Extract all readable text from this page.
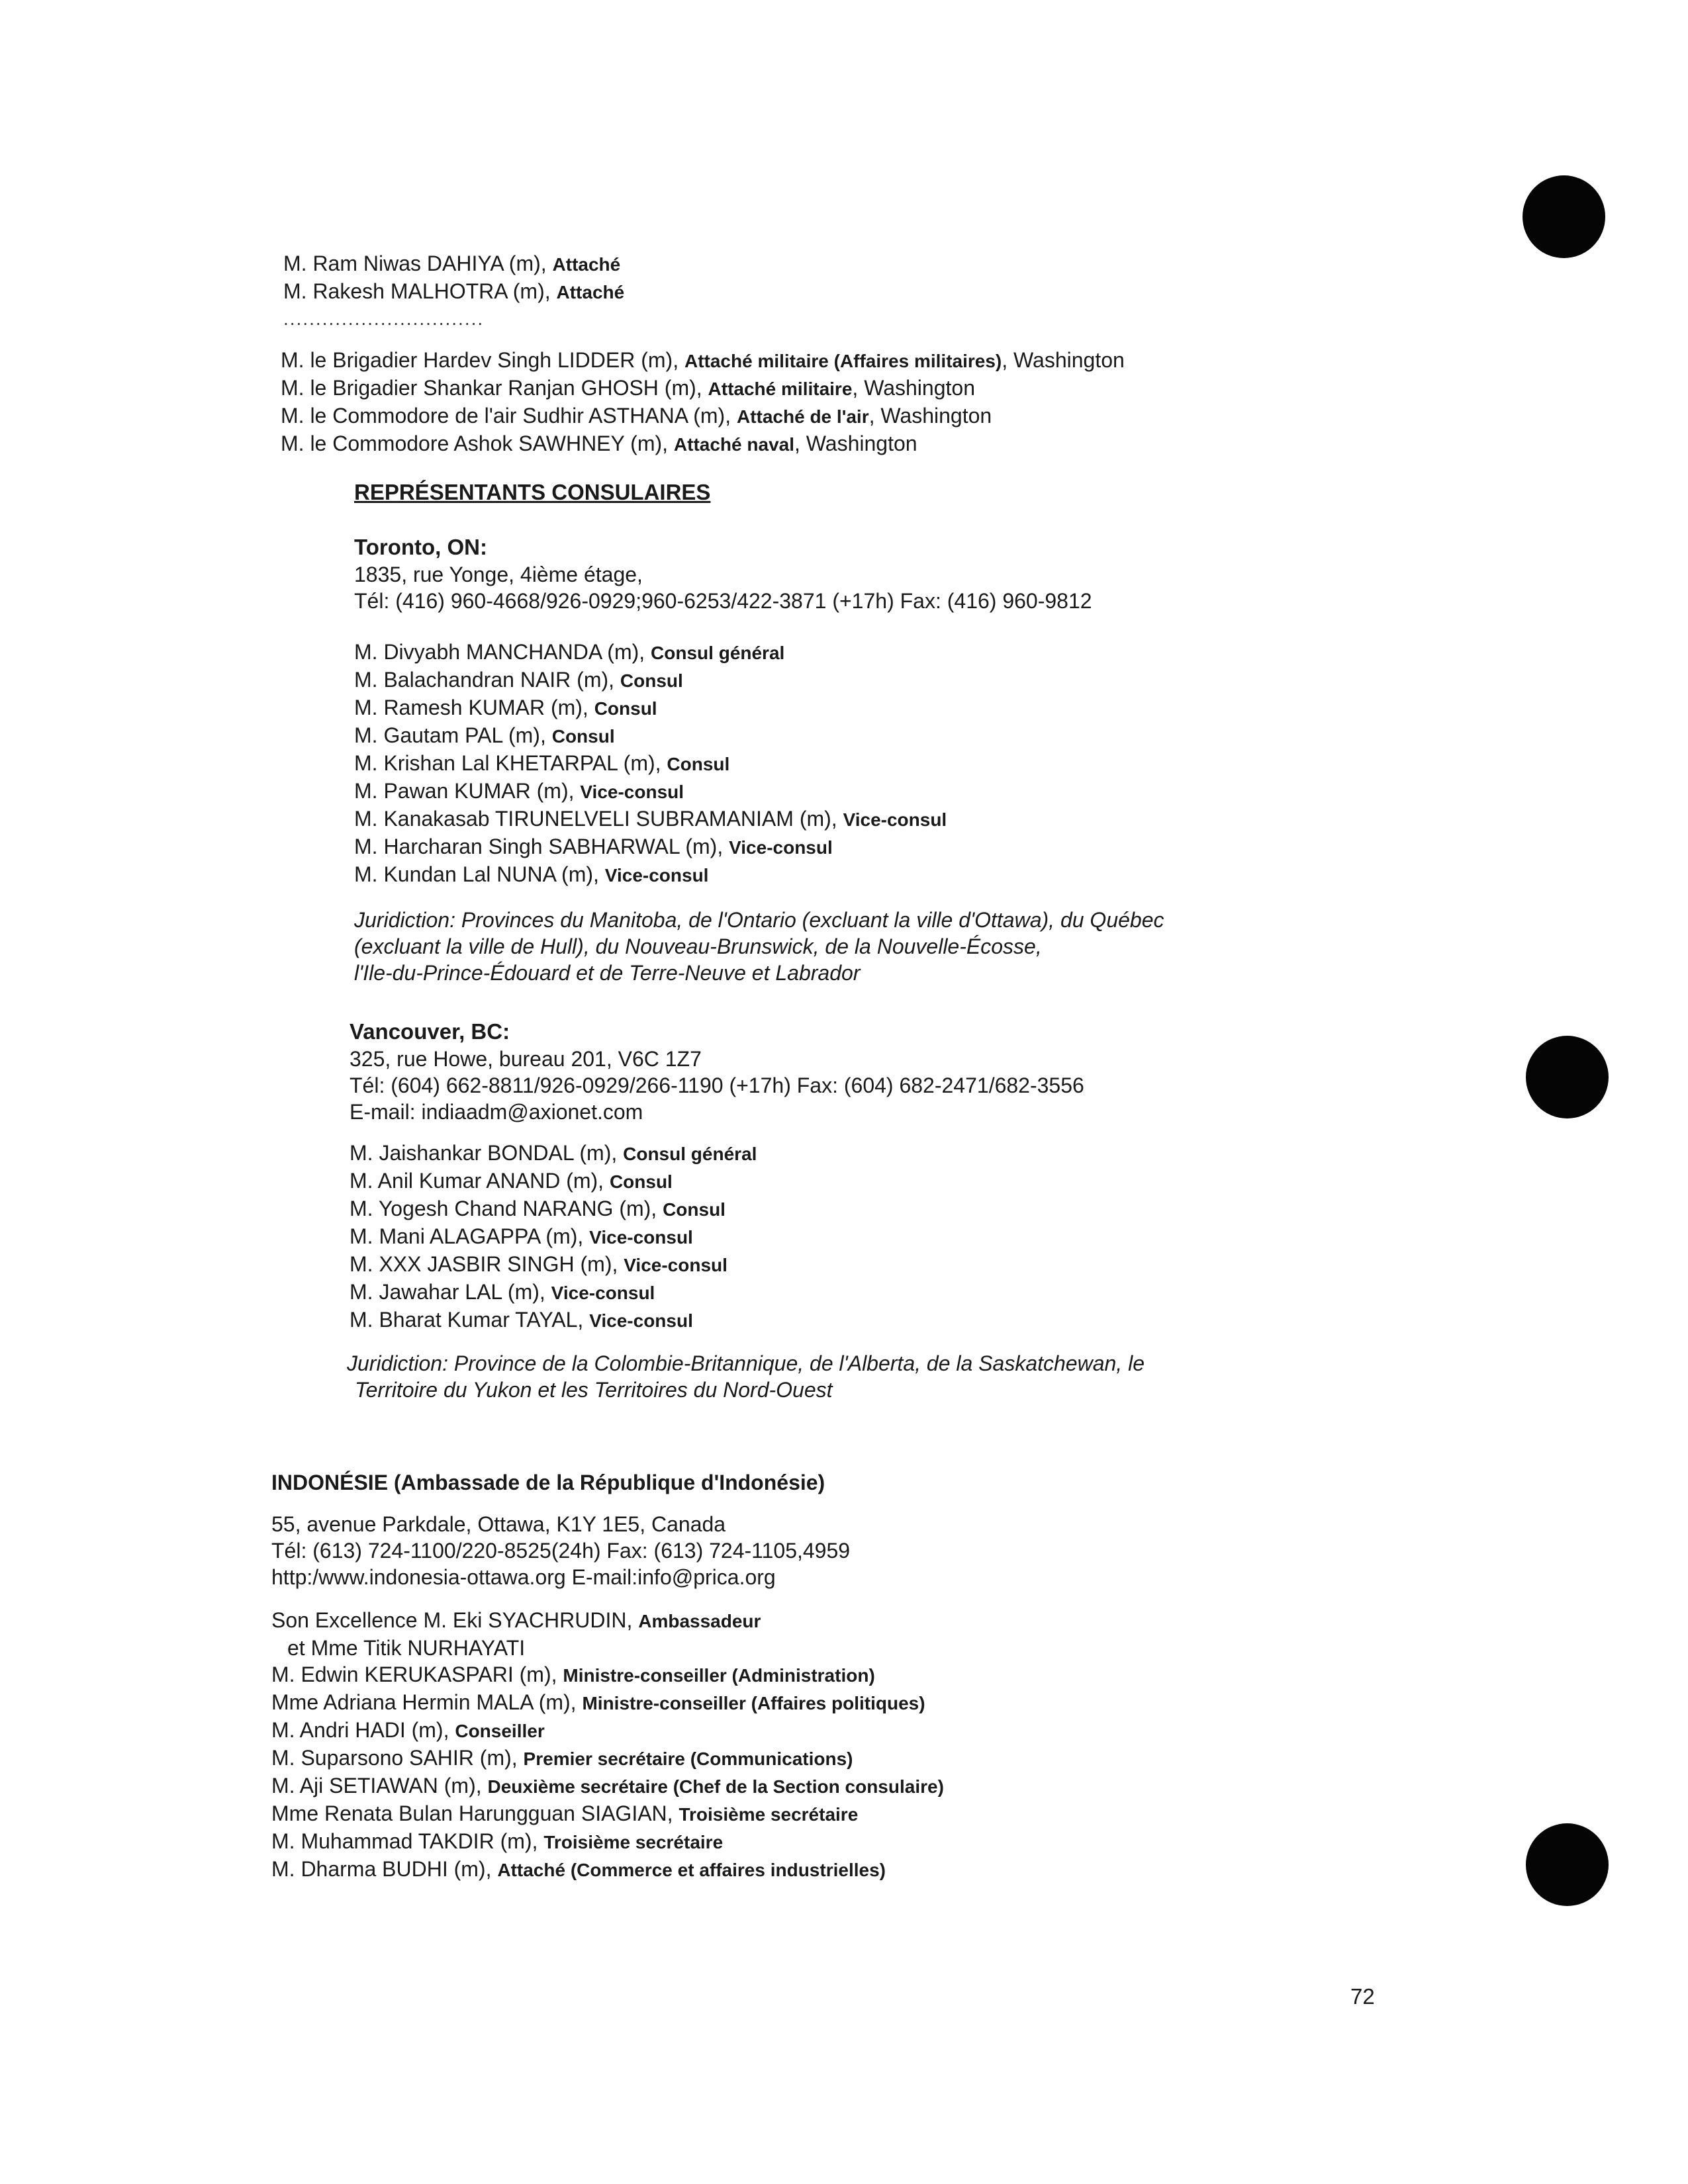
M. Ram Niwas DAHIYA (m), Attaché
M. Rakesh MALHOTRA (m), Attaché
...............................
M. le Brigadier Hardev Singh LIDDER (m), Attaché militaire (Affaires militaires), Washington
M. le Brigadier Shankar Ranjan GHOSH (m), Attaché militaire, Washington
M. le Commodore de l'air Sudhir ASTHANA (m), Attaché de l'air, Washington
M. le Commodore Ashok SAWHNEY (m), Attaché naval, Washington
REPRÉSENTANTS CONSULAIRES
Toronto, ON:
1835, rue Yonge, 4ième étage,
Tél: (416) 960-4668/926-0929;960-6253/422-3871 (+17h) Fax: (416) 960-9812
M. Divyabh MANCHANDA (m), Consul général
M. Balachandran NAIR (m), Consul
M. Ramesh KUMAR (m), Consul
M. Gautam PAL (m), Consul
M. Krishan Lal KHETARPAL (m), Consul
M. Pawan KUMAR (m), Vice-consul
M. Kanakasab TIRUNELVELI SUBRAMANIAM (m), Vice-consul
M. Harcharan Singh SABHARWAL (m), Vice-consul
M. Kundan Lal NUNA (m), Vice-consul
Juridiction: Provinces du Manitoba, de l'Ontario (excluant la ville d'Ottawa), du Québec
(excluant la ville de Hull), du Nouveau-Brunswick, de la Nouvelle-Écosse,
l'Ile-du-Prince-Édouard et de Terre-Neuve et Labrador
Vancouver, BC:
325, rue Howe, bureau 201, V6C 1Z7
Tél: (604) 662-8811/926-0929/266-1190 (+17h) Fax: (604) 682-2471/682-3556
E-mail: indiaadm@axionet.com
M. Jaishankar BONDAL (m), Consul général
M. Anil Kumar ANAND (m), Consul
M. Yogesh Chand NARANG (m), Consul
M. Mani ALAGAPPA (m), Vice-consul
M. XXX JASBIR SINGH (m), Vice-consul
M. Jawahar LAL (m), Vice-consul
M. Bharat Kumar TAYAL, Vice-consul
Juridiction: Province de la Colombie-Britannique, de l'Alberta, de la Saskatchewan, le
Territoire du Yukon et les Territoires du Nord-Ouest
INDONÉSIE (Ambassade de la République d'Indonésie)
55, avenue Parkdale, Ottawa, K1Y 1E5, Canada
Tél: (613) 724-1100/220-8525(24h) Fax: (613) 724-1105,4959
http:/www.indonesia-ottawa.org E-mail:info@prica.org
Son Excellence M. Eki SYACHRUDIN, Ambassadeur
et Mme Titik NURHAYATI
M. Edwin KERUKASPARI (m), Ministre-conseiller (Administration)
Mme Adriana Hermin MALA (m), Ministre-conseiller (Affaires politiques)
M. Andri HADI (m), Conseiller
M. Suparsono SAHIR (m), Premier secrétaire (Communications)
M. Aji SETIAWAN (m), Deuxième secrétaire (Chef de la Section consulaire)
Mme Renata Bulan Harungguan SIAGIAN, Troisième secrétaire
M. Muhammad TAKDIR (m), Troisième secrétaire
M. Dharma BUDHI (m), Attaché (Commerce et affaires industrielles)
72
